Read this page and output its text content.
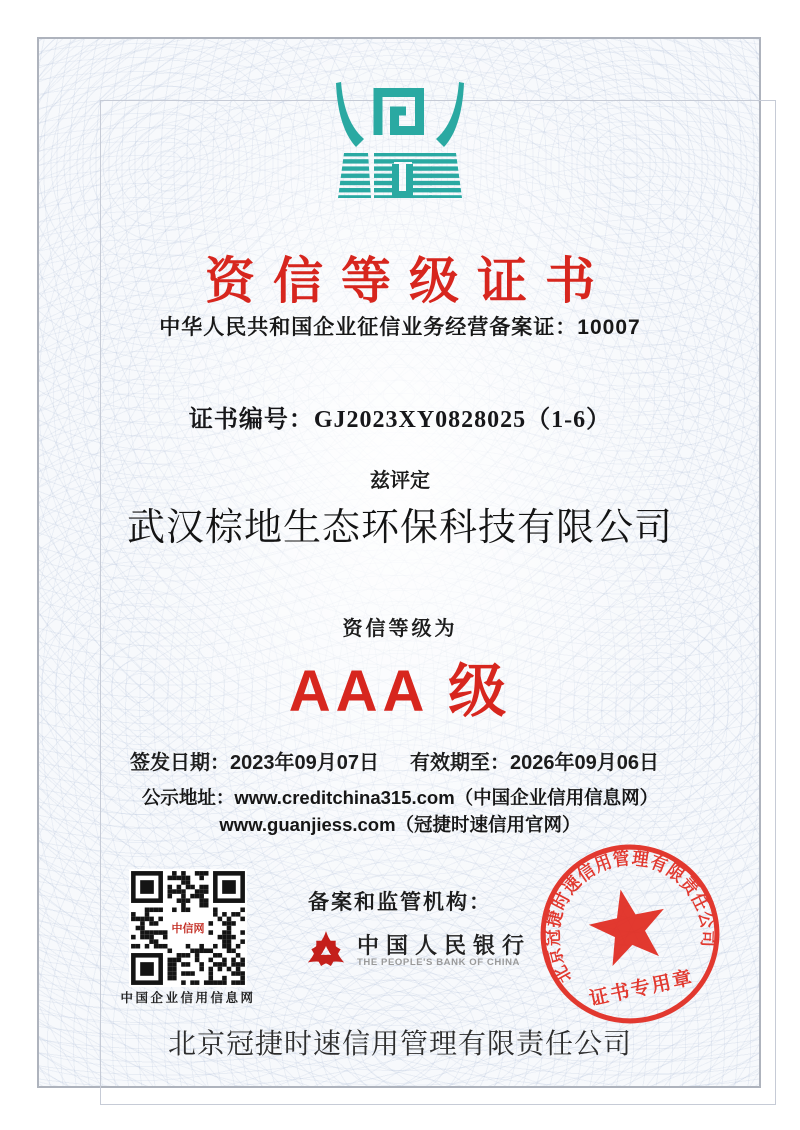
资信等级证书
中华人民共和国企业征信业务经营备案证：10007
证书编号：GJ2023XY0828025（1-6）
兹评定
武汉棕地生态环保科技有限公司
资信等级为
AAA 级
签发日期：2023年09月07日 有效期至：2026年09月06日
公示地址：www.creditchina315.com（中国企业信用信息网）
www.guanjiess.com（冠捷时速信用官网）
中信网
中国企业信用信息网
备案和监管机构：
中国人民银行
THE PEOPLE'S BANK OF CHINA	北京冠捷时速信用管理有限责任公司
证书专用章
北京冠捷时速信用管理有限责任公司
